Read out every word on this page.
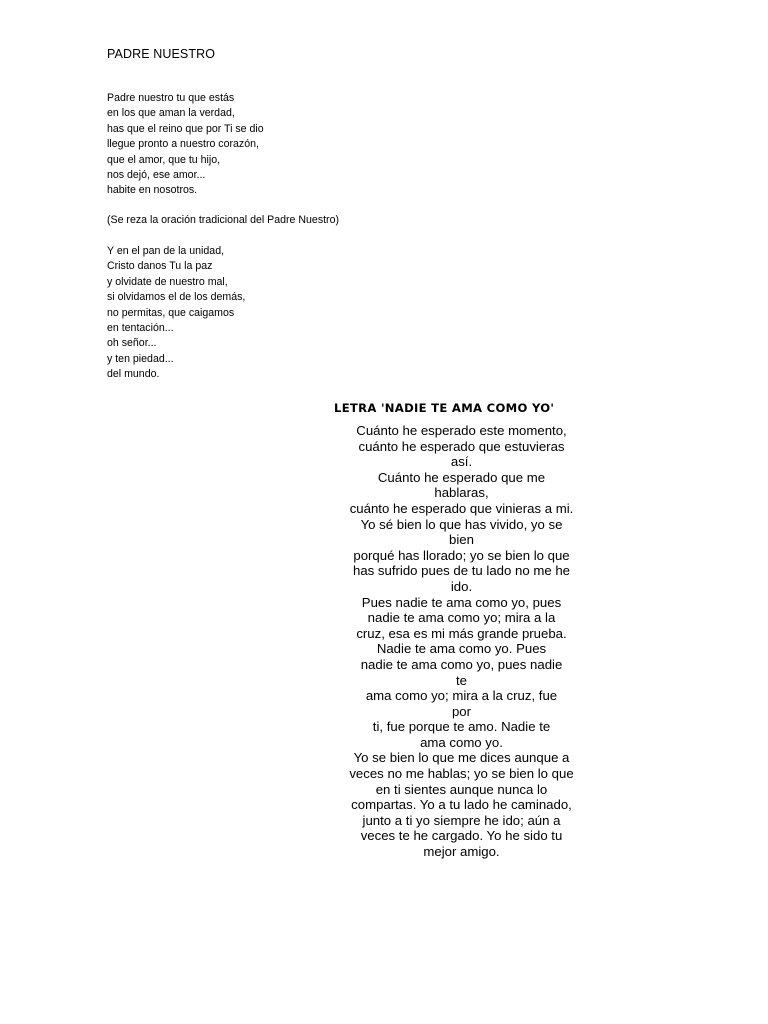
PADRE NUESTRO
Padre nuestro tu que estás
en los que aman la verdad,
has que el reino que por Ti se dio
llegue pronto a nuestro corazón,
que el amor, que tu hijo,
nos dejó, ese amor...
habite en nosotros.
(Se reza la oración tradicional del Padre Nuestro)
Y en el pan de la unidad,
Cristo danos Tu la paz
y olvidate de nuestro mal,
si olvidamos el de los demás,
no permitas, que caigamos
en tentación...
oh señor...
y ten piedad...
del mundo.
LETRA 'NADIE TE AMA COMO YO'
Cuánto he esperado este momento,
cuánto he esperado que estuvieras
así.
Cuánto he esperado que me
hablaras,
cuánto he esperado que vinieras a mi.
Yo sé bien lo que has vivido, yo se
bien
porqué has llorado; yo se bien lo que
has sufrido pues de tu lado no me he
ido.
Pues nadie te ama como yo, pues
nadie te ama como yo; mira a la
cruz, esa es mi más grande prueba.
Nadie te ama como yo. Pues
nadie te ama como yo, pues nadie
te
ama como yo; mira a la cruz, fue
por
ti, fue porque te amo. Nadie te
ama como yo.
Yo se bien lo que me dices aunque a
veces no me hablas; yo se bien lo que
en ti sientes aunque nunca lo
compartas. Yo a tu lado he caminado,
junto a ti yo siempre he ido; aún a
veces te he cargado. Yo he sido tu
mejor amigo.
